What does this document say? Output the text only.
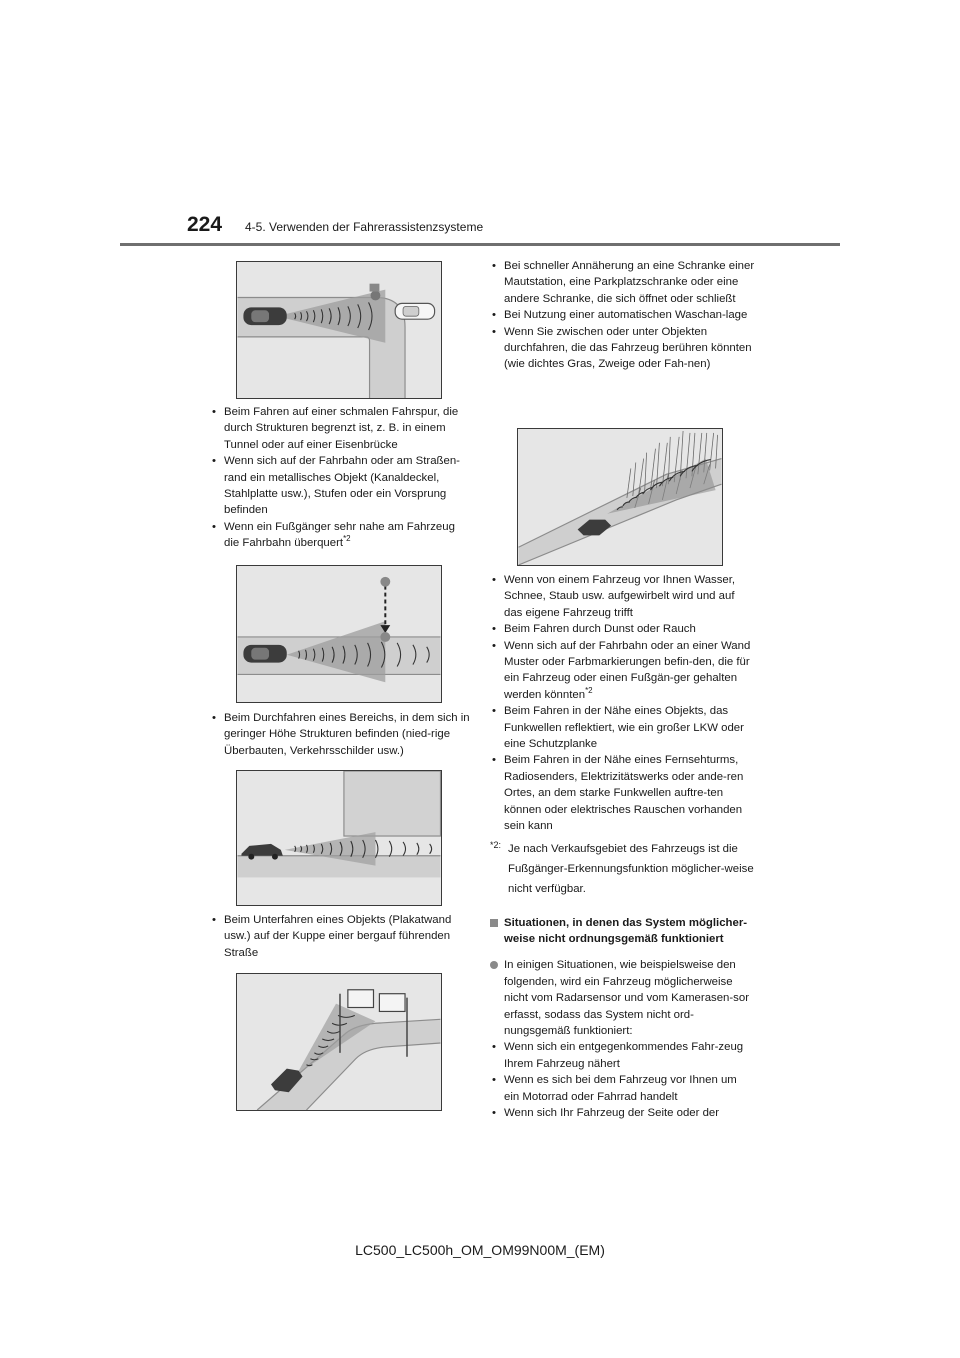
224 4-5. Verwenden der Fahrerassistenzsysteme
• Beim Fahren auf einer schmalen Fahrspur, die durch Strukturen begrenzt ist, z. B. in einem Tunnel oder auf einer Eisenbrücke
• Wenn sich auf der Fahrbahn oder am Straßen-rand ein metallisches Objekt (Kanaldeckel, Stahlplatte usw.), Stufen oder ein Vorsprung befinden
• Wenn ein Fußgänger sehr nahe am Fahrzeug die Fahrbahn überquert$^{*2}$
• Beim Durchfahren eines Bereichs, in dem sich in geringer Höhe Strukturen befinden (nied-rige Überbauten, Verkehrsschilder usw.)
• Beim Unterfahren eines Objekts (Plakatwand usw.) auf der Kuppe einer bergauf führenden Straße
• Bei schneller Annäherung an eine Schranke einer Mautstation, eine Parkplatzschranke oder eine andere Schranke, die sich öffnet oder schließt
• Bei Nutzung einer automatischen Waschan-lage
• Wenn Sie zwischen oder unter Objekten durchfahren, die das Fahrzeug berühren könnten (wie dichtes Gras, Zweige oder Fah-nen)
• Wenn von einem Fahrzeug vor Ihnen Wasser, Schnee, Staub usw. aufgewirbelt wird und auf das eigene Fahrzeug trifft
• Beim Fahren durch Dunst oder Rauch
• Wenn sich auf der Fahrbahn oder an einer Wand Muster oder Farbmarkierungen befin-den, die für ein Fahrzeug oder einen Fußgän-ger gehalten werden könnten$^{*2}$
• Beim Fahren in der Nähe eines Objekts, das Funkwellen reflektiert, wie ein großer LKW oder eine Schutzplanke
• Beim Fahren in der Nähe eines Fernsehturms, Radiosenders, Elektrizitätswerks oder ande-ren Ortes, an dem starke Funkwellen auftre-ten können oder elektrisches Rauschen vorhanden sein kann
*2: Je nach Verkaufsgebiet des Fahrzeugs ist die Fußgänger-Erkennungsfunktion möglicher-weise nicht verfügbar.
Situationen, in denen das System möglicher-weise nicht ordnungsgemäß funktioniert
In einigen Situationen, wie beispielsweise den folgenden, wird ein Fahrzeug möglicherweise nicht vom Radarsensor und vom Kamerasen-sor erfasst, sodass das System nicht ord-nungsgemäß funktioniert:
• Wenn sich ein entgegenkommendes Fahr-zeug Ihrem Fahrzeug nähert
• Wenn es sich bei dem Fahrzeug vor Ihnen um ein Motorrad oder Fahrrad handelt
• Wenn sich Ihr Fahrzeug der Seite oder der
LC500_LC500h_OM_OM99N00M_(EM)
